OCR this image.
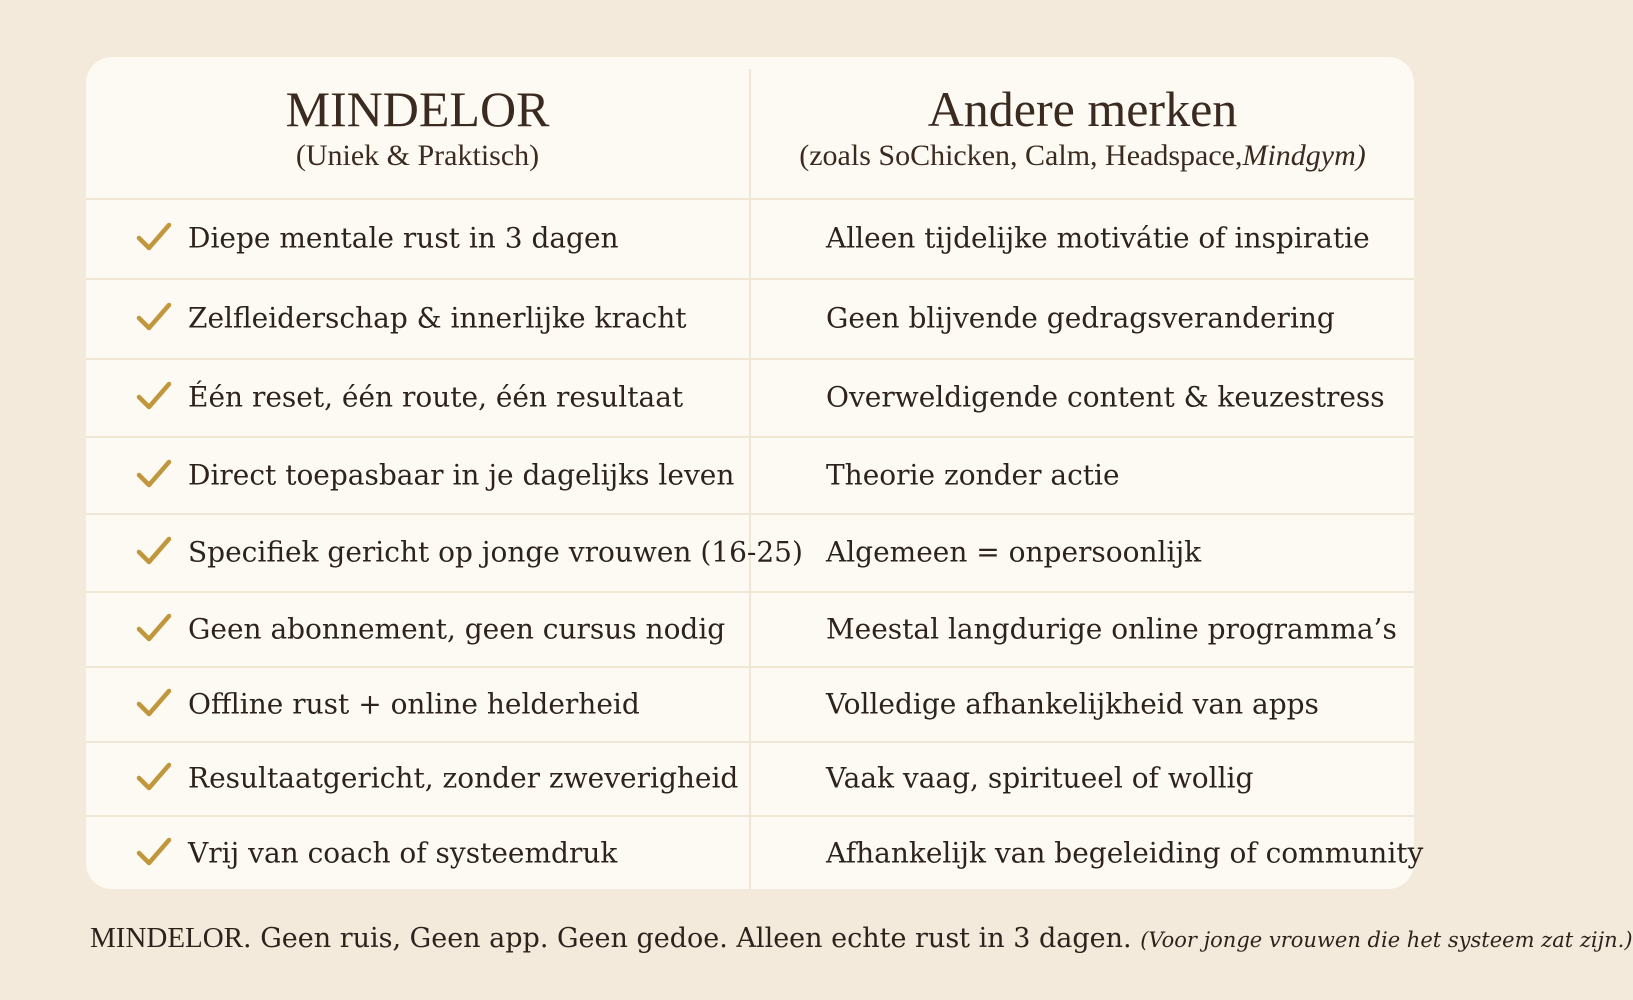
MINDELOR
(Uniek & Praktisch)
Andere merken
(zoals SoChicken, Calm, Headspace,Mindgym)
Diepe mentale rust in 3 dagen	Alleen tijdelijke motivátie of inspiratie
Zelfleiderschap & innerlijke kracht	Geen blijvende gedragsverandering
Één reset, één route, één resultaat	Overweldigende content & keuzestress
Direct toepasbaar in je dagelijks leven	Theorie zonder actie
Specifiek gericht op jonge vrouwen (16-25) Algemeen = onpersoonlijk
Geen abonnement, geen cursus nodig	Meestal langdurige online programma’s
Offline rust + online helderheid	Volledige afhankelijkheid van apps
Resultaatgericht, zonder zweverigheid	Vaak vaag, spiritueel of wollig
Vrij van coach of systeemdruk	Afhankelijk van begeleiding of community
MINDELOR. Geen ruis, Geen app. Geen gedoe. Alleen echte rust in 3 dagen. (Voor jonge vrouwen die het systeem zat zijn.)
